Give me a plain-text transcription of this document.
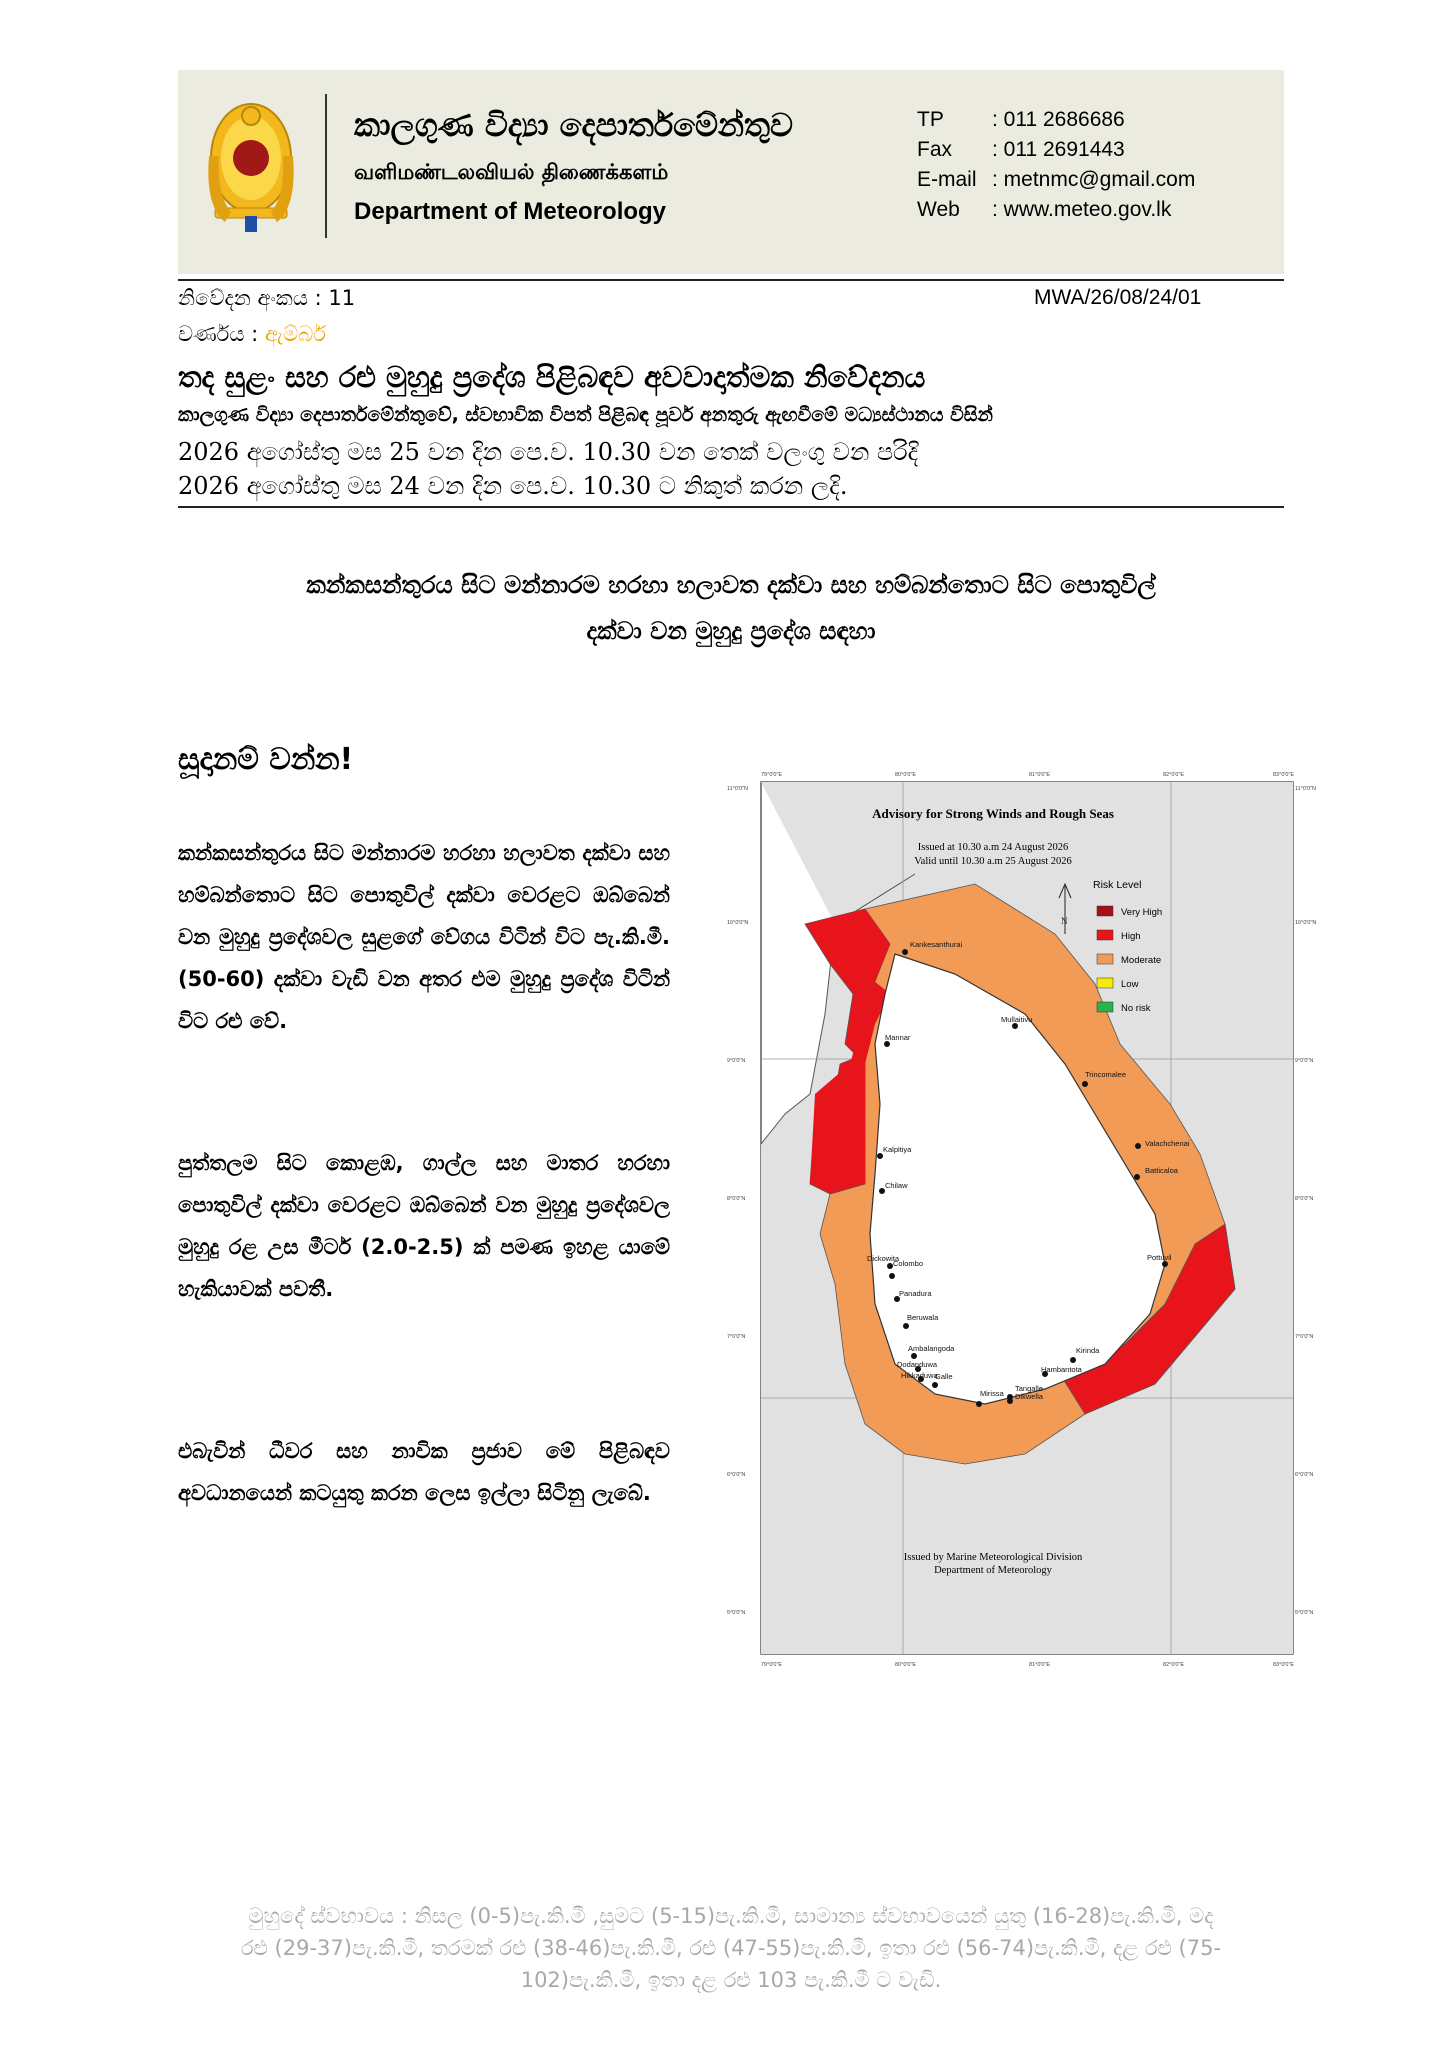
කාලගුණ විද්‍යා දෙපාර්තමේන්තුව
வளிமண்டலவியல் திணைக்களம்
Department of Meteorology
TP : 011 2686686
Fax : 011 2691443
E-mail : metnmc@gmail.com
Web : www.meteo.gov.lk
නිවේදන අංකය : 11	MWA/26/08/24/01
වර්ණය : ඇම්බර්
තද සුළං සහ රළු මුහුදු ප්‍රදේශ පිළිබඳව අවවාදාත්මක නිවේදනය
කාලගුණ විද්‍යා දෙපාර්තමේන්තුවේ, ස්වභාවික විපත් පිළිබඳ පූර්ව අනතුරු ඇඟවීමේ මධ්‍යස්ථානය විසින්
2026 අගෝස්තු මස 25 වන දින පෙ.ව. 10.30 වන තෙක් වලංගු වන පරිදි
2026 අගෝස්තු මස 24 වන දින පෙ.ව. 10.30 ට නිකුත් කරන ලදි.
කන්කසන්තුරය සිට මන්නාරම හරහා හලාවත දක්වා සහ හම්බන්තොට සිට පොතුවිල්
දක්වා වන මුහුදු ප්‍රදේශ සඳහා
සූදානම් වන්න!
කන්කසන්තුරය සිට මන්නාරම හරහා හලාවත දක්වා සහ හම්බන්තොට සිට පොතුවිල් දක්වා වෙරළට ඔබ්බෙන් වන මුහුදු ප්‍රදේශවල සුළගේ වේගය විටින් විට පැ.කි.මී. (50-60) දක්වා වැඩි වන අතර එම මුහුදු ප්‍රදේශ විටින් විට රළු වේ.
පුත්තලම සිට කොළඹ, ගාල්ල සහ මාතර හරහා පොතුවිල් දක්වා වෙරළට ඔබ්බෙන් වන මුහුදු ප්‍රදේශවල මුහුදු රළ උස මීටර් (2.0-2.5) ක් පමණ ඉහළ යාමේ හැකියාවක් පවතී.
එබැවින් ධීවර සහ නාවික ප්‍රජාව මේ පිළිබඳව අවධානයෙන් කටයුතු කරන ලෙස ඉල්ලා සිටිනු ලැබේ.
Kankesanthurai
Mullaitivu
Mannar
Trincomalee
Kalpitiya
Valachchenai
Batticaloa
Chilaw
Dickowita
Colombo
Panadura
Beruwala
Pottuvil
Ambalangoda
Dodanduwa
Hikkaduwa
Galle
Mirissa
Tangalle
Dikwella
Hambantota
Kirinda
Advisory for Strong Winds and Rough Seas
Issued at 10.30 a.m 24 August 2026
Valid until 10.30 a.m 25 August 2026
Issued by Marine Meteorological Division
Department of Meteorology
N
Risk Level
Very High
High
Moderate
Low
No risk
79°0'0"E	80°0'0"E	81°0'0"E	82°0'0"E	83°0'0"E
79°0'0"E	80°0'0"E	81°0'0"E	82°0'0"E	83°0'0"E
11°0'0"N
10°0'0"N
9°0'0"N
8°0'0"N
7°0'0"N
6°0'0"N
5°0'0"N
11°0'0"N
10°0'0"N
9°0'0"N
8°0'0"N
7°0'0"N
6°0'0"N
5°0'0"N
මුහුදේ ස්වභාවය : නිසල (0-5)පැ.කි.මී ,සුමට (5-15)පැ.කි.මී, සාමාන්‍ය ස්වභාවයෙන් යුතු (16-28)පැ.කි.මී, මද
රළු (29-37)පැ.කි.මී, තරමක් රළු (38-46)පැ.කි.මී, රළු (47-55)පැ.කි.මී, ඉතා රළු (56-74)පැ.කි.මී, දළ රළු (75-
102)පැ.කි.මී, ඉතා දළ රළු 103 පැ.කි.මී ට වැඩි.
